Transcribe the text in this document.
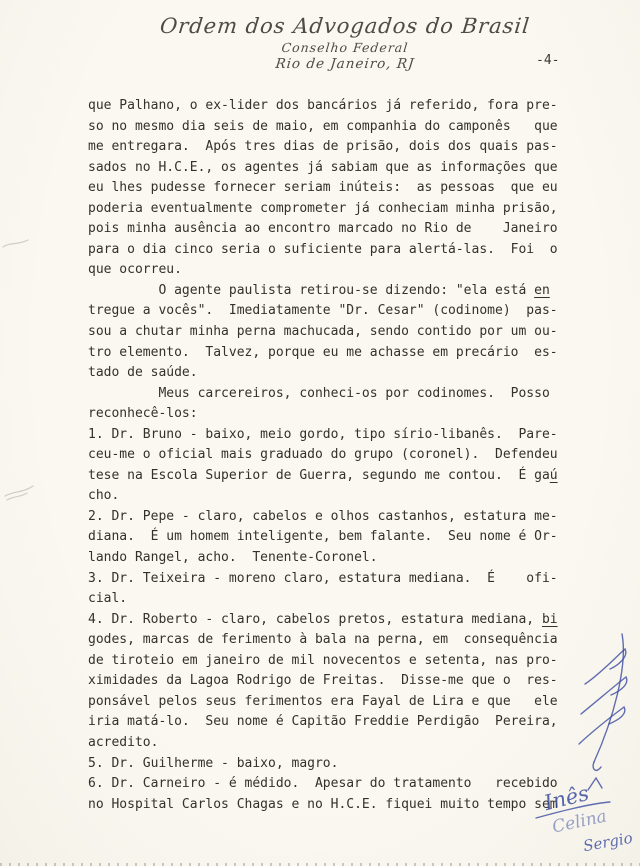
Ordem dos Advogados do Brasil
Conselho Federal
Rio de Janeiro, RJ	-4-
que Palhano, o ex-lider dos bancários já referido, fora pre-
so no mesmo dia seis de maio, em companhia do camponês   que
me entregara.  Após tres dias de prisão, dois dos quais pas-
sados no H.C.E., os agentes já sabiam que as informações que
eu lhes pudesse fornecer seriam inúteis:  as pessoas  que eu
poderia eventualmente comprometer já conheciam minha prisão,
pois minha ausência ao encontro marcado no Rio de    Janeiro
para o dia cinco seria o suficiente para alertá-las.  Foi  o
que ocorreu.
O agente paulista retirou-se dizendo: "ela está en
tregue a vocês".  Imediatamente "Dr. Cesar" (codinome)  pas-
sou a chutar minha perna machucada, sendo contido por um ou-
tro elemento.  Talvez, porque eu me achasse em precário  es-
tado de saúde.
Meus carcereiros, conheci-os por codinomes.  Posso
reconhecê-los:
1. Dr. Bruno - baixo, meio gordo, tipo sírio-libanês.  Pare-
ceu-me o oficial mais graduado do grupo (coronel).  Defendeu
tese na Escola Superior de Guerra, segundo me contou.  É gaú
cho.
2. Dr. Pepe - claro, cabelos e olhos castanhos, estatura me-
diana.  É um homem inteligente, bem falante.  Seu nome é Or-
lando Rangel, acho.  Tenente-Coronel.
3. Dr. Teixeira - moreno claro, estatura mediana.  É    ofi-
cial.
4. Dr. Roberto - claro, cabelos pretos, estatura mediana, bi
godes, marcas de ferimento à bala na perna, em  consequência
de tiroteio em janeiro de mil novecentos e setenta, nas pro-
ximidades da Lagoa Rodrigo de Freitas.  Disse-me que o  res-
ponsável pelos seus ferimentos era Fayal de Lira e que   ele
iria matá-lo.  Seu nome é Capitão Freddie Perdigão  Pereira,
acredito.
5. Dr. Guilherme - baixo, magro.
6. Dr. Carneiro - é médido.  Apesar do tratamento   recebido
no Hospital Carlos Chagas e no H.C.E. fiquei muito tempo sem
Inês
Celina
Sergio
